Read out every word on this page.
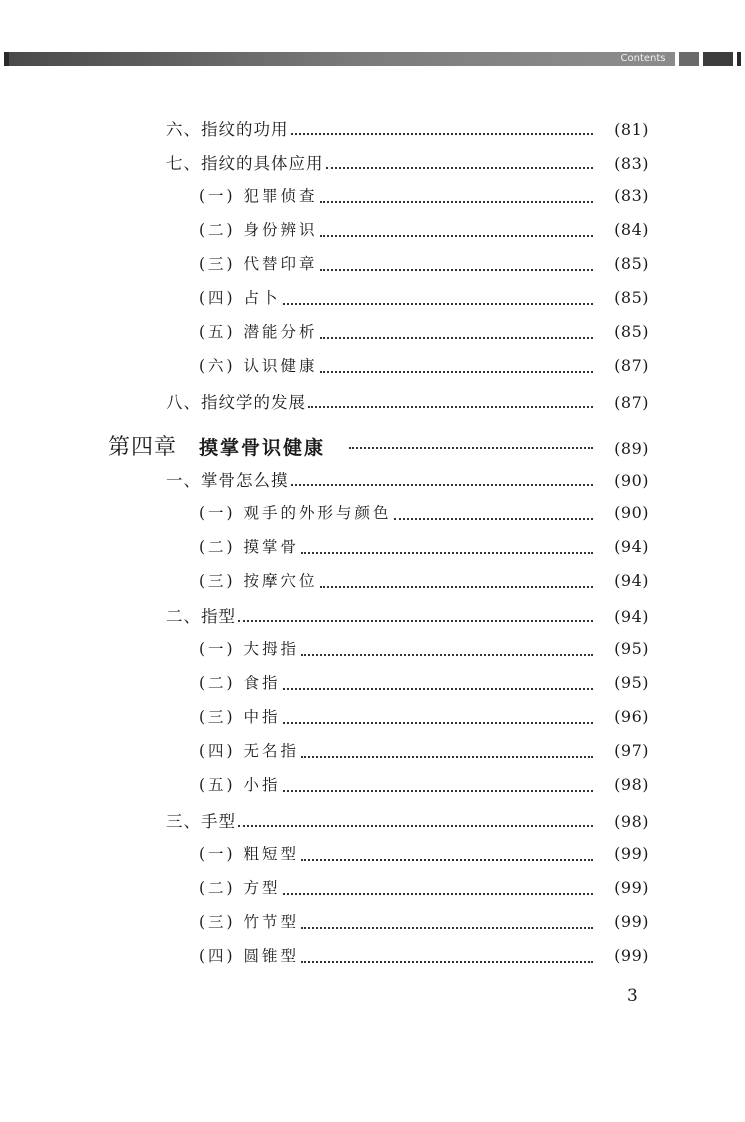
Contents
六、指纹的功用	(81)
七、指纹的具体应用	(83)
(一) 犯罪侦查	(83)
(二) 身份辨识	(84)
(三) 代替印章	(85)
(四) 占卜	(85)
(五) 潜能分析	(85)
(六) 认识健康	(87)
八、指纹学的发展	(87)
第四章 摸掌骨识健康	(89)
一、掌骨怎么摸	(90)
(一) 观手的外形与颜色	(90)
(二) 摸掌骨	(94)
(三) 按摩穴位	(94)
二、指型	(94)
(一) 大拇指	(95)
(二) 食指	(95)
(三) 中指	(96)
(四) 无名指	(97)
(五) 小指	(98)
三、手型	(98)
(一) 粗短型	(99)
(二) 方型	(99)
(三) 竹节型	(99)
(四) 圆锥型	(99)
3
